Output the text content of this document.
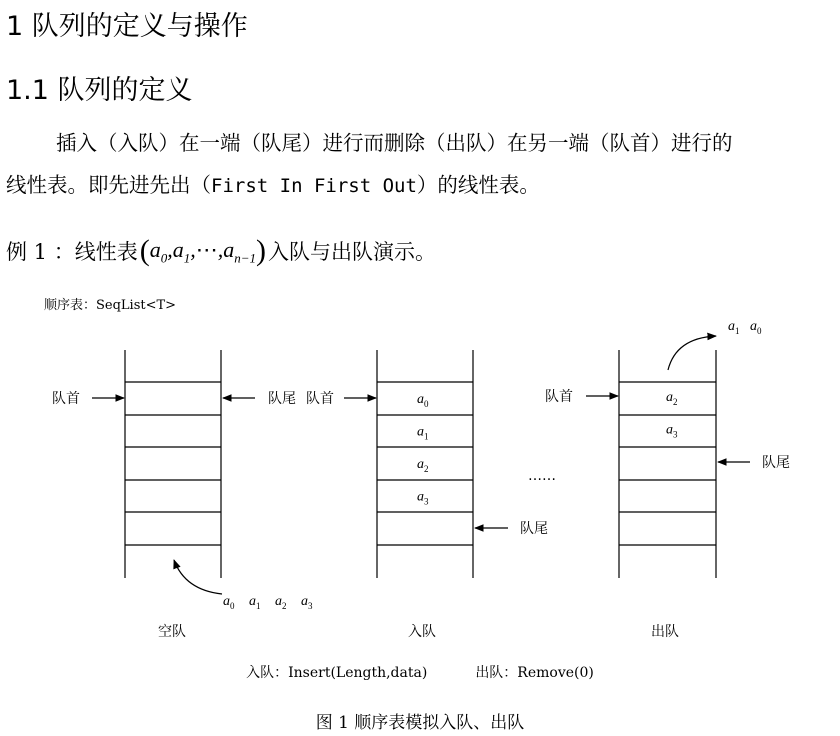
1 队列的定义与操作
1.1 队列的定义
插入（入队）在一端（队尾）进行而删除（出队）在另一端（队首）进行的
线性表。即先进先出（First In First Out）的线性表。
例 1 ：线性表 $(a_0,a_1,\cdots,a_{n-1})$ 入队与出队演示。
顺序表：SeqList<T>
队首	队尾
$a_0$ $a_1$ $a_2$ $a_3$
空队
队首	$a_0$
$a_1$
$a_2$
$a_3$
队尾
入队
……
队首	$a_2$
$a_3$
队尾
$a_1$ $a_0$
出队
入队：Insert(Length,data)	出队：Remove(0)
图 1 顺序表模拟入队、出队
